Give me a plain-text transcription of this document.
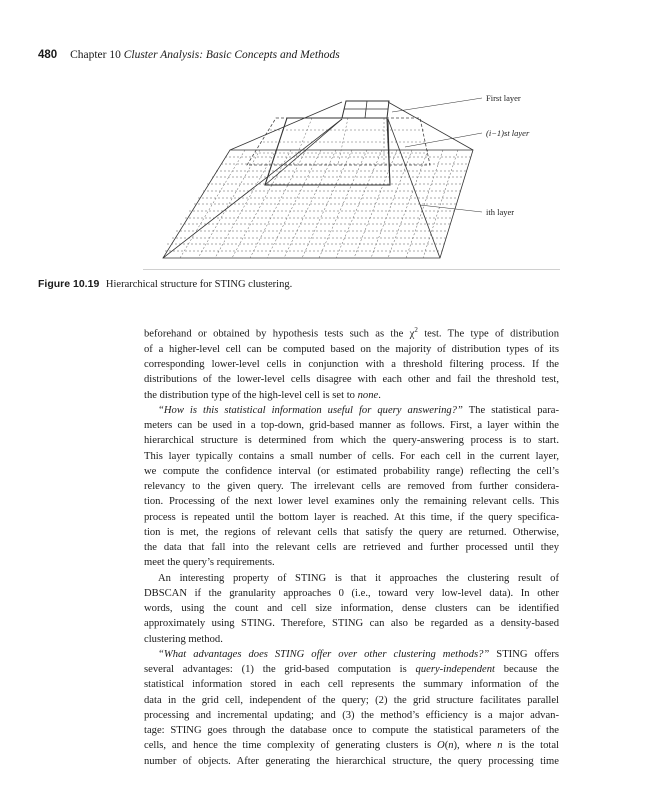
480 Chapter 10 Cluster Analysis: Basic Concepts and Methods
First layer
(i−1)st layer
ith layer
Figure 10.19 Hierarchical structure for STING clustering.

beforehand or obtained by hypothesis tests such as the $\chi^2$ test. The type of distribution
of a higher-level cell can be computed based on the majority of distribution types of its
corresponding lower-level cells in conjunction with a threshold filtering process. If the
distributions of the lower-level cells disagree with each other and fail the threshold test,
the distribution type of the high-level cell is set to none.

“How is this statistical information useful for query answering?” The statistical para-
meters can be used in a top-down, grid-based manner as follows. First, a layer within the
hierarchical structure is determined from which the query-answering process is to start.
This layer typically contains a small number of cells. For each cell in the current layer,
we compute the confidence interval (or estimated probability range) reflecting the cell’s
relevancy to the given query. The irrelevant cells are removed from further considera-
tion. Processing of the next lower level examines only the remaining relevant cells. This
process is repeated until the bottom layer is reached. At this time, if the query specifica-
tion is met, the regions of relevant cells that satisfy the query are returned. Otherwise,
the data that fall into the relevant cells are retrieved and further processed until they
meet the query’s requirements.

An interesting property of STING is that it approaches the clustering result of
DBSCAN if the granularity approaches 0 (i.e., toward very low-level data). In other
words, using the count and cell size information, dense clusters can be identified
approximately using STING. Therefore, STING can also be regarded as a density-based
clustering method.

“What advantages does STING offer over other clustering methods?” STING offers
several advantages: (1) the grid-based computation is query-independent because the
statistical information stored in each cell represents the summary information of the
data in the grid cell, independent of the query; (2) the grid structure facilitates parallel
processing and incremental updating; and (3) the method’s efficiency is a major advan-
tage: STING goes through the database once to compute the statistical parameters of the
cells, and hence the time complexity of generating clusters is O(n), where n is the total
number of objects. After generating the hierarchical structure, the query processing time
